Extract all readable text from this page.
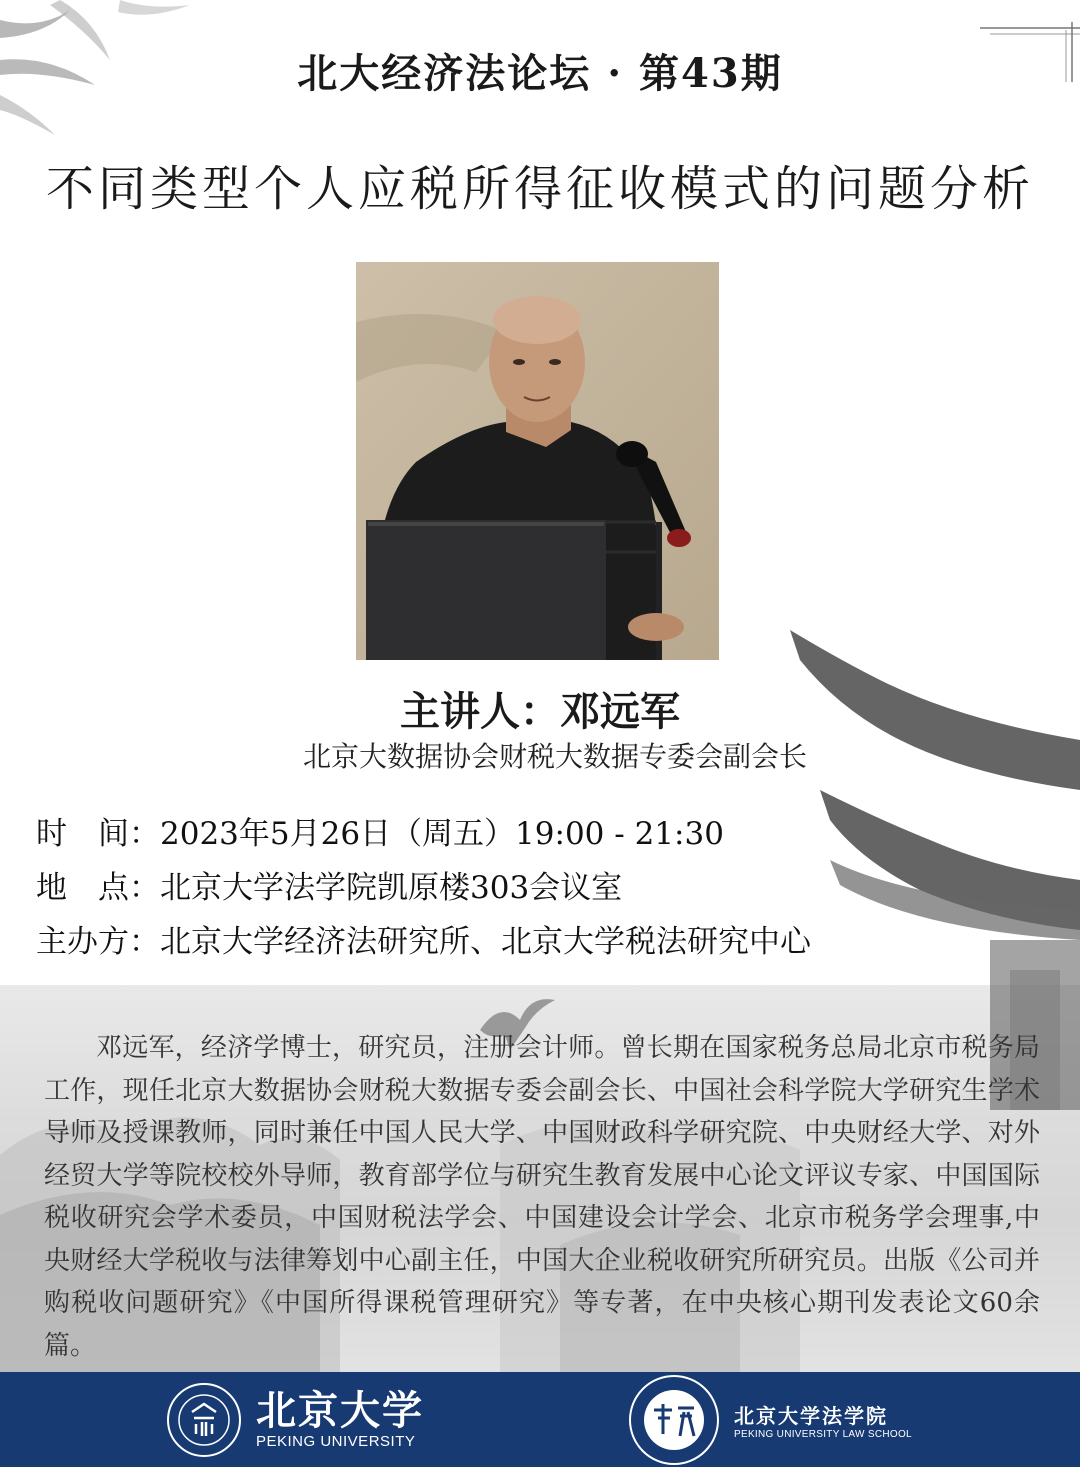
北大经济法论坛 · 第43期
不同类型个人应税所得征收模式的问题分析
主讲人：邓远军
北京大数据协会财税大数据专委会副会长
时　间：2023年5月26日（周五）19:00 - 21:30
地　点：北京大学法学院凯原楼303会议室
主办方：北京大学经济法研究所、北京大学税法研究中心
邓远军，经济学博士，研究员，注册会计师。曾长期在国家税务总局北京市税务局工作，现任北京大数据协会财税大数据专委会副会长、中国社会科学院大学研究生学术导师及授课教师，同时兼任中国人民大学、中国财政科学研究院、中央财经大学、对外经贸大学等院校校外导师，教育部学位与研究生教育发展中心论文评议专家、中国国际税收研究会学术委员，中国财税法学会、中国建设会计学会、北京市税务学会理事,中央财经大学税收与法律筹划中心副主任，中国大企业税收研究所研究员。出版《公司并购税收问题研究》《中国所得课税管理研究》等专著，在中央核心期刊发表论文60余篇。
北京大学
PEKING UNIVERSITY
北京大学法学院
PEKING UNIVERSITY LAW SCHOOL
